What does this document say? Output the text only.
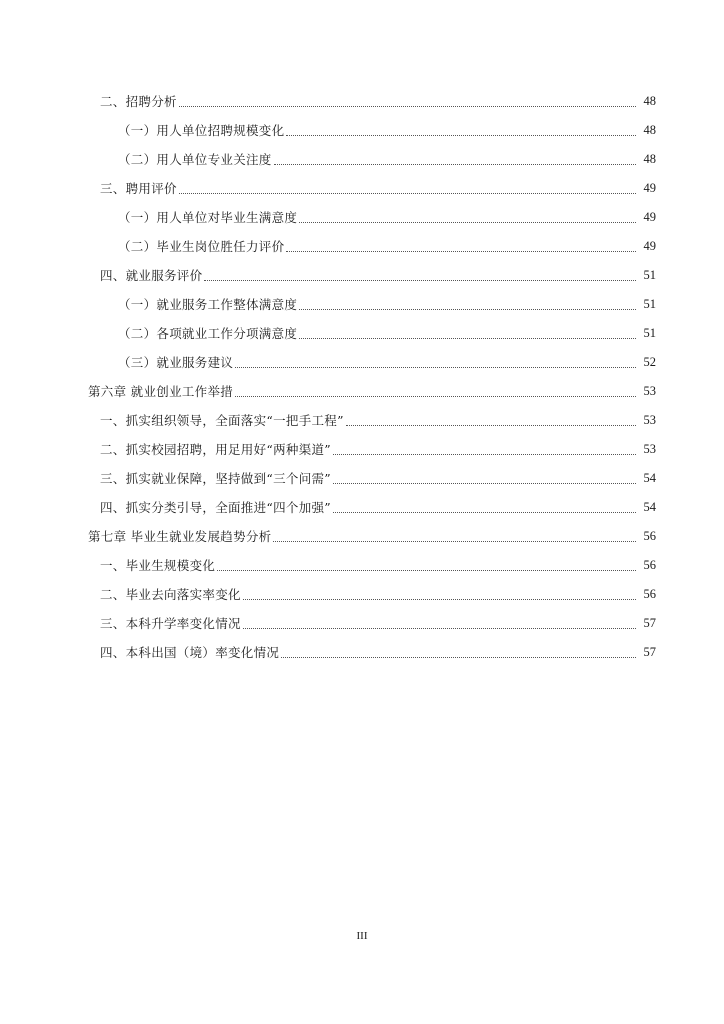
二、招聘分析	48
（一）用人单位招聘规模变化	48
（二）用人单位专业关注度	48
三、聘用评价	49
（一）用人单位对毕业生满意度	49
（二）毕业生岗位胜任力评价	49
四、就业服务评价	51
（一）就业服务工作整体满意度	51
（二）各项就业工作分项满意度	51
（三）就业服务建议	52
第六章 就业创业工作举措	53
一、抓实组织领导，全面落实“一把手工程”	53
二、抓实校园招聘，用足用好“两种渠道”	53
三、抓实就业保障，坚持做到“三个问需”	54
四、抓实分类引导，全面推进“四个加强”	54
第七章 毕业生就业发展趋势分析	56
一、毕业生规模变化	56
二、毕业去向落实率变化	56
三、本科升学率变化情况	57
四、本科出国（境）率变化情况	57
III
